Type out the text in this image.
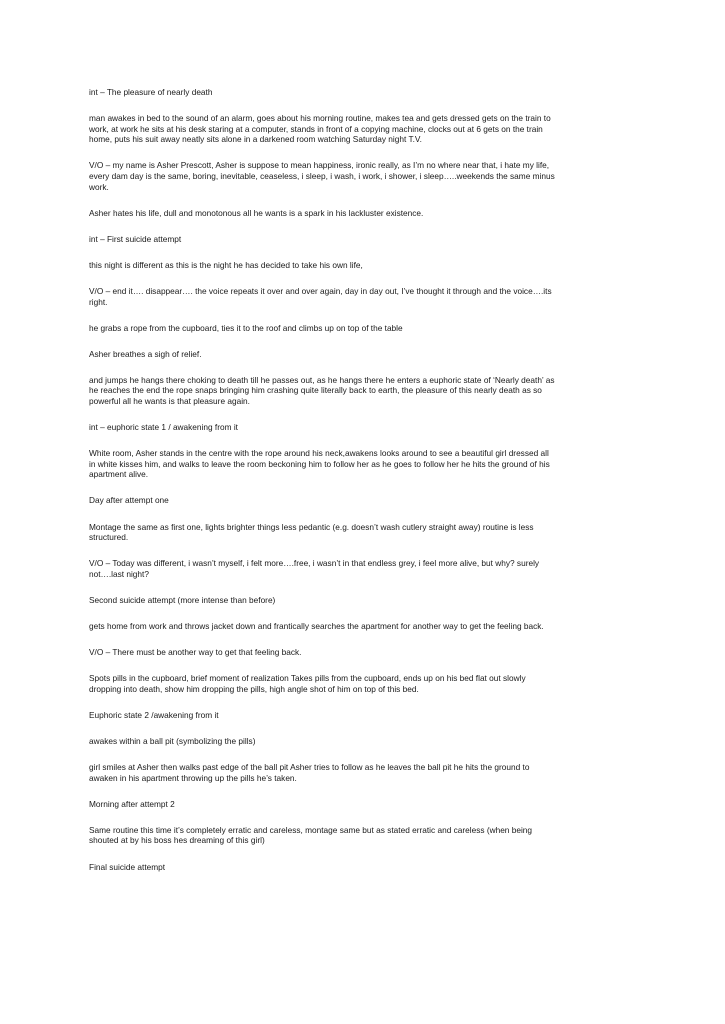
int – The pleasure of nearly death

man awakes in bed to the sound of an alarm, goes about his morning routine, makes tea and gets dressed gets on the train to
work, at work he sits at his desk staring at a computer, stands in front of a copying machine, clocks out at 6 gets on the train
home, puts his suit away neatly sits alone in a darkened room watching Saturday night T.V.

V/O – my name is Asher Prescott, Asher is suppose to mean happiness, ironic really, as I’m no where near that, i hate my life,
every dam day is the same, boring, inevitable, ceaseless, i sleep, i wash, i work, i shower, i sleep…..weekends the same minus
work.

Asher hates his life, dull and monotonous all he wants is a spark in his lackluster existence.

int – First suicide attempt

this night is different as this is the night he has decided to take his own life,

V/O – end it…. disappear…. the voice repeats it over and over again, day in day out, I’ve thought it through and the voice….its
right.

he grabs a rope from the cupboard, ties it to the roof and climbs up on top of the table

Asher breathes a sigh of relief.

and jumps he hangs there choking to death till he passes out, as he hangs there he enters a euphoric state of ‘Nearly death’ as
he reaches the end the rope snaps bringing him crashing quite literally back to earth, the pleasure of this nearly death as so
powerful all he wants is that pleasure again.

int – euphoric state 1 / awakening from it

White room, Asher stands in the centre with the rope around his neck,awakens looks around to see a beautiful girl dressed all
in white kisses him, and walks to leave the room beckoning him to follow her as he goes to follow her he hits the ground of his
apartment alive.

Day after attempt one

Montage the same as first one, lights brighter things less pedantic (e.g. doesn’t wash cutlery straight away) routine is less
structured.

V/O – Today was different, i wasn’t myself, i felt more….free, i wasn’t in that endless grey, i feel more alive, but why? surely
not….last night?

Second suicide attempt (more intense than before)

gets home from work and throws jacket down and frantically searches the apartment for another way to get the feeling back.

V/O – There must be another way to get that feeling back.

Spots pills in the cupboard, brief moment of realization Takes pills from the cupboard, ends up on his bed flat out slowly
dropping into death, show him dropping the pills, high angle shot of him on top of this bed.

Euphoric state 2 /awakening from it

awakes within a ball pit (symbolizing the pills)

girl smiles at Asher then walks past edge of the ball pit Asher tries to follow as he leaves the ball pit he hits the ground to
awaken in his apartment throwing up the pills he’s taken.

Morning after attempt 2

Same routine this time it’s completely erratic and careless, montage same but as stated erratic and careless (when being
shouted at by his boss hes dreaming of this girl)

Final suicide attempt
